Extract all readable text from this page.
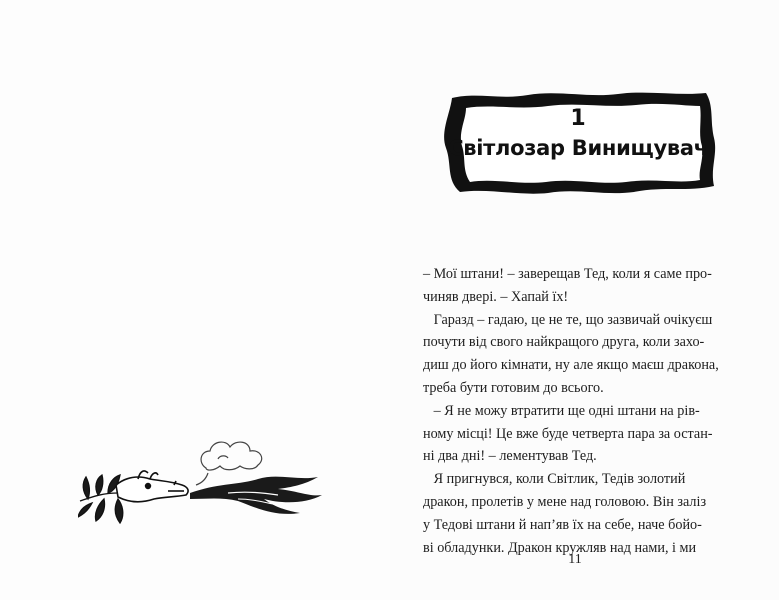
1
Світлозар Винищувач
– Мої штани! – заверещав Тед, коли я саме про-
чиняв двері. – Хапай їх!
Гаразд – гадаю, це не те, що зазвичай очікуєш
почути від свого найкращого друга, коли захо-
диш до його кімнати, ну але якщо маєш дракона,
треба бути готовим до всього.
– Я не можу втратити ще одні штани на рів-
ному місці! Це вже буде четверта пара за остан-
ні два дні! – лементував Тед.
Я пригнувся, коли Світлик, Тедів золотий
дракон, пролетів у мене над головою. Він заліз
у Тедові штани й нап’яв їх на себе, наче бойо-
ві обладунки. Дракон кружляв над нами, і ми
11
